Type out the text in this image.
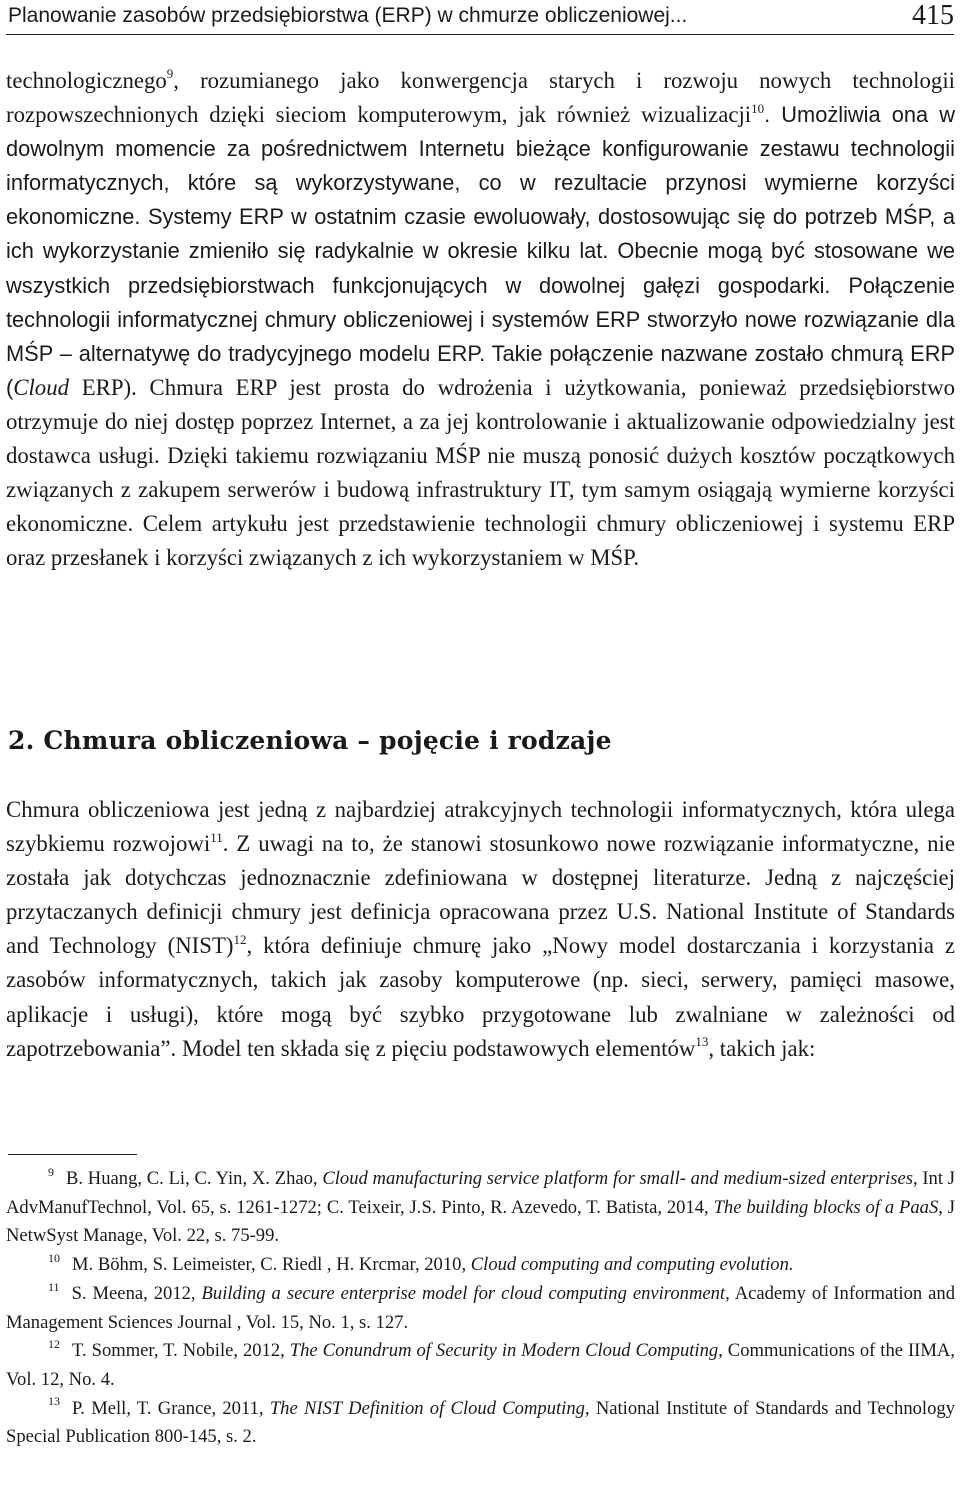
Planowanie zasobów przedsiębiorstwa (ERP) w chmurze obliczeniowej...	415

technologicznego$^9$, rozumianego jako konwergencja starych i rozwoju nowych technologii rozpowszechnionych dzięki sieciom komputerowym, jak również wizualizacji$^{10}$. Umożliwia ona w dowolnym momencie za pośrednictwem Internetu bieżące konfigurowanie zestawu technologii informatycznych, które są wykorzystywane, co w rezultacie przynosi wymierne korzyści ekonomiczne. Systemy ERP w ostatnim czasie ewoluowały, dostosowując się do potrzeb MŚP, a ich wykorzystanie zmieniło się radykalnie w okresie kilku lat. Obecnie mogą być stosowane we wszystkich przedsiębiorstwach funkcjonujących w dowolnej gałęzi gospodarki. Połączenie technologii informatycznej chmury obliczeniowej i systemów ERP stworzyło nowe rozwiązanie dla MŚP – alternatywę do tradycyjnego modelu ERP. Takie połączenie nazwane zostało chmurą ERP (Cloud ERP). Chmura ERP jest prosta do wdrożenia i użytkowania, ponieważ przedsiębiorstwo otrzymuje do niej dostęp poprzez Internet, a za jej kontrolowanie i aktualizowanie odpowiedzialny jest dostawca usługi. Dzięki takiemu rozwiązaniu MŚP nie muszą ponosić dużych kosztów początkowych związanych z zakupem serwerów i budową infrastruktury IT, tym samym osiągają wymierne korzyści ekonomiczne. Celem artykułu jest przedstawienie technologii chmury obliczeniowej i systemu ERP oraz przesłanek i korzyści związanych z ich wykorzystaniem w MŚP.

2. Chmura obliczeniowa – pojęcie i rodzaje

Chmura obliczeniowa jest jedną z najbardziej atrakcyjnych technologii informatycznych, która ulega szybkiemu rozwojowi$^{11}$. Z uwagi na to, że stanowi stosunkowo nowe rozwiązanie informatyczne, nie została jak dotychczas jednoznacznie zdefiniowana w dostępnej literaturze. Jedną z najczęściej przytaczanych definicji chmury jest definicja opracowana przez U.S. National Institute of Standards and Technology (NIST)$^{12}$, która definiuje chmurę jako „Nowy model dostarczania i korzystania z zasobów informatycznych, takich jak zasoby komputerowe (np. sieci, serwery, pamięci masowe, aplikacje i usługi), które mogą być szybko przygotowane lub zwalniane w zależności od zapotrzebowania”. Model ten składa się z pięciu podstawowych elementów$^{13}$, takich jak:

$^9$ B. Huang, C. Li, C. Yin, X. Zhao, Cloud manufacturing service platform for small- and medium-sized enterprises, Int J AdvManufTechnol, Vol. 65, s. 1261-1272; C. Teixeir, J.S. Pinto, R. Azevedo, T. Batista, 2014, The building blocks of a PaaS, J NetwSyst Manage, Vol. 22, s. 75-99.

$^{10}$ M. Böhm, S. Leimeister, C. Riedl , H. Krcmar, 2010, Cloud computing and computing evolution.

$^{11}$ S. Meena, 2012, Building a secure enterprise model for cloud computing environment, Academy of Information and Management Sciences Journal , Vol. 15, No. 1, s. 127.

$^{12}$ T. Sommer, T. Nobile, 2012, The Conundrum of Security in Modern Cloud Computing, Communications of the IIMA, Vol. 12, No. 4.

$^{13}$ P. Mell, T. Grance, 2011, The NIST Definition of Cloud Computing, National Institute of Standards and Technology Special Publication 800-145, s. 2.
